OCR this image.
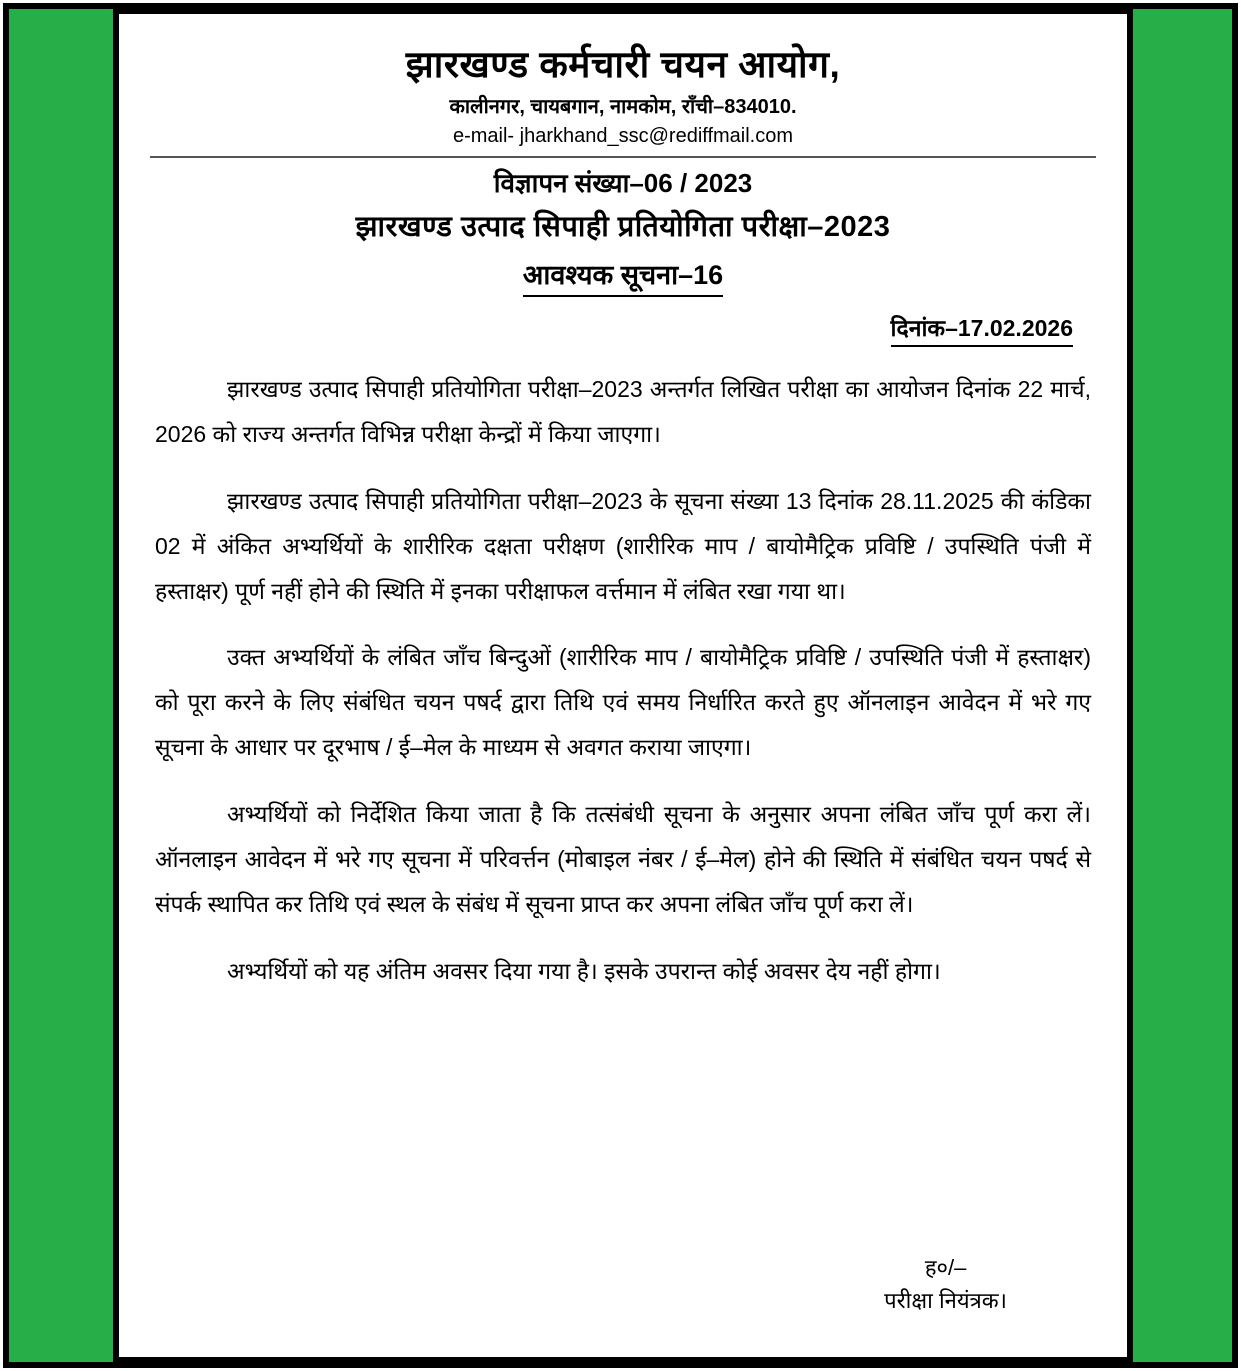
झारखण्ड कर्मचारी चयन आयोग,
कालीनगर, चायबगान, नामकोम, राँची–834010.
e-mail- jharkhand_ssc@rediffmail.com
विज्ञापन संख्या–06 / 2023
झारखण्ड उत्पाद सिपाही प्रतियोगिता परीक्षा–2023
आवश्यक सूचना–16
दिनांक–17.02.2026

झारखण्ड उत्पाद सिपाही प्रतियोगिता परीक्षा–2023 अन्तर्गत लिखित परीक्षा का आयोजन दिनांक 22 मार्च, 2026 को राज्य अन्तर्गत विभिन्न परीक्षा केन्द्रों में किया जाएगा।

झारखण्ड उत्पाद सिपाही प्रतियोगिता परीक्षा–2023 के सूचना संख्या 13 दिनांक 28.11.2025 की कंडिका 02 में अंकित अभ्यर्थियों के शारीरिक दक्षता परीक्षण (शारीरिक माप / बायोमैट्रिक प्रविष्टि / उपस्थिति पंजी में हस्ताक्षर) पूर्ण नहीं होने की स्थिति में इनका परीक्षाफल वर्त्तमान में लंबित रखा गया था।

उक्त अभ्यर्थियों के लंबित जाँच बिन्दुओं (शारीरिक माप / बायोमैट्रिक प्रविष्टि / उपस्थिति पंजी में हस्ताक्षर) को पूरा करने के लिए संबंधित चयन पषर्द द्वारा तिथि एवं समय निर्धारित करते हुए ऑनलाइन आवेदन में भरे गए सूचना के आधार पर दूरभाष / ई–मेल के माध्यम से अवगत कराया जाएगा।

अभ्यर्थियों को निर्देशित किया जाता है कि तत्संबंधी सूचना के अनुसार अपना लंबित जाँच पूर्ण करा लें। ऑनलाइन आवेदन में भरे गए सूचना में परिवर्त्तन (मोबाइल नंबर / ई–मेल) होने की स्थिति में संबंधित चयन पषर्द से संपर्क स्थापित कर तिथि एवं स्थल के संबंध में सूचना प्राप्त कर अपना लंबित जाँच पूर्ण करा लें।

अभ्यर्थियों को यह अंतिम अवसर दिया गया है। इसके उपरान्त कोई अवसर देय नहीं होगा।

ह०/–
परीक्षा नियंत्रक।
